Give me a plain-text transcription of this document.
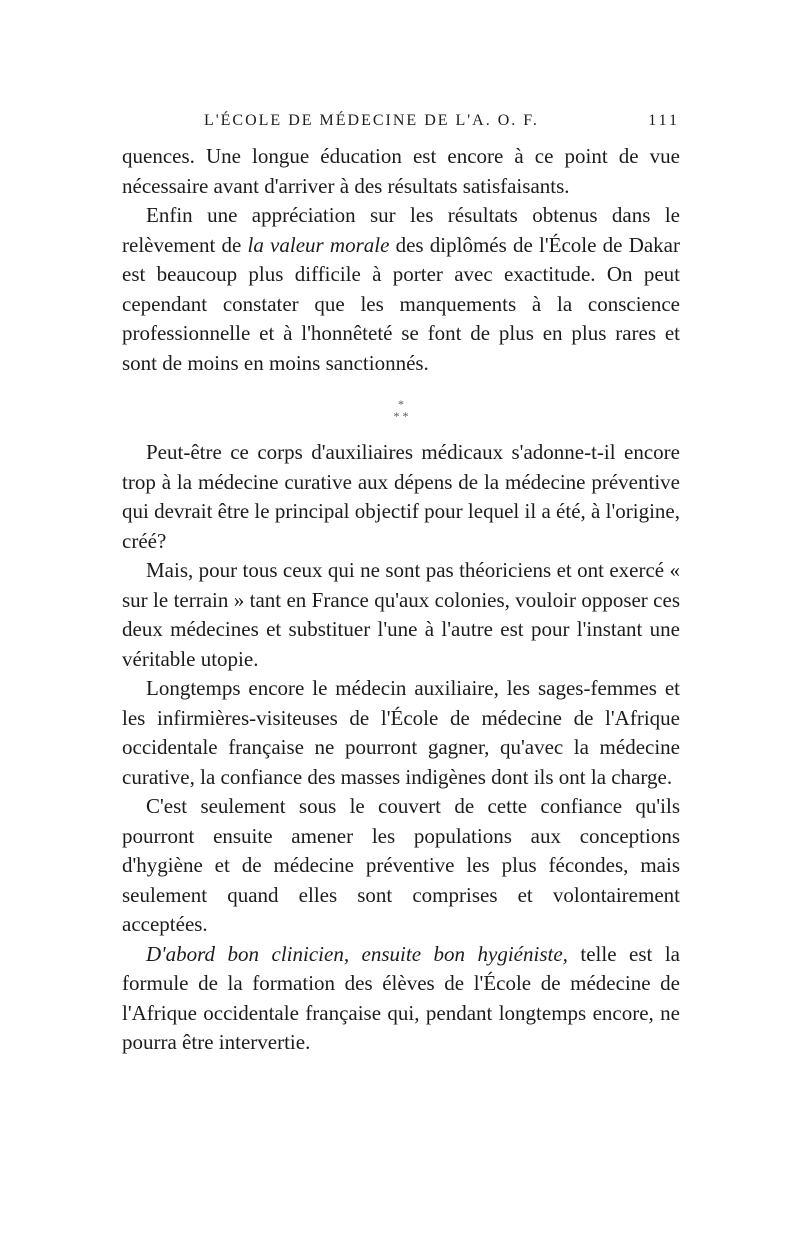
L'ÉCOLE DE MÉDECINE DE L'A. O. F.	111

quences. Une longue éducation est encore à ce point de vue nécessaire avant d'arriver à des résultats satisfaisants.

Enfin une appréciation sur les résultats obtenus dans le relèvement de la valeur morale des diplômés de l'École de Dakar est beaucoup plus difficile à porter avec exactitude. On peut cependant constater que les manquements à la conscience professionnelle et à l'honnêteté se font de plus en plus rares et sont de moins en moins sanctionnés.

*
* *

Peut-être ce corps d'auxiliaires médicaux s'adonne-t-il encore trop à la médecine curative aux dépens de la médecine préventive qui devrait être le principal objectif pour lequel il a été, à l'origine, créé?

Mais, pour tous ceux qui ne sont pas théoriciens et ont exercé « sur le terrain » tant en France qu'aux colonies, vouloir opposer ces deux médecines et substituer l'une à l'autre est pour l'instant une véritable utopie.

Longtemps encore le médecin auxiliaire, les sages-femmes et les infirmières-visiteuses de l'École de médecine de l'Afrique occidentale française ne pourront gagner, qu'avec la médecine curative, la confiance des masses indigènes dont ils ont la charge.

C'est seulement sous le couvert de cette confiance qu'ils pourront ensuite amener les populations aux conceptions d'hygiène et de médecine préventive les plus fécondes, mais seulement quand elles sont comprises et volontairement acceptées.

D'abord bon clinicien, ensuite bon hygiéniste, telle est la formule de la formation des élèves de l'École de médecine de l'Afrique occidentale française qui, pendant longtemps encore, ne pourra être intervertie.
